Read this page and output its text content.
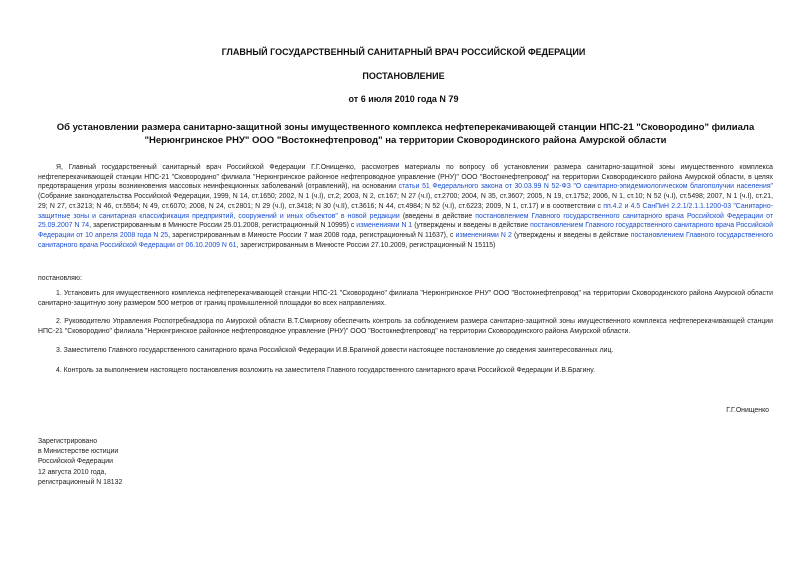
ГЛАВНЫЙ ГОСУДАРСТВЕННЫЙ САНИТАРНЫЙ ВРАЧ РОССИЙСКОЙ ФЕДЕРАЦИИ
ПОСТАНОВЛЕНИЕ
от 6 июля 2010 года N 79
Об установлении размера санитарно-защитной зоны имущественного комплекса нефтеперекачивающей станции НПС-21 "Сковородино" филиала "Нерюнгринское РНУ" ООО "Востокнефтепровод" на территории Сковородинского района Амурской области
Я, Главный государственный санитарный врач Российской Федерации Г.Г.Онищенко, рассмотрев материалы по вопросу об установлении размера санитарно-защитной зоны имущественного комплекса нефтеперекачивающей станции НПС-21 "Сковородино" филиала "Нерюнгринское районное нефтепроводное управление (РНУ)" ООО "Востокнефтепровод" на территории Сковородинского района Амурской области, в целях предотвращения угрозы возникновения массовых неинфекционных заболеваний (отравлений), на основании статьи 51 Федерального закона от 30.03.99 N 52-ФЗ "О санитарно-эпидемиологическом благополучии населения" (Собрание законодательства Российской Федерации, 1999, N 14, ст.1650; 2002, N 1 (ч.I), ст.2; 2003, N 2, ст.167; N 27 (ч.I), ст.2700; 2004, N 35, ст.3607; 2005, N 19, ст.1752; 2006, N 1, ст.10; N 52 (ч.I), ст.5498; 2007, N 1 (ч.I), ст.21, 29; N 27, ст.3213; N 46, ст.5554; N 49, ст.6070; 2008, N 24, ст.2801; N 29 (ч.I), ст.3418; N 30 (ч.II), ст.3616; N 44, ст.4984; N 52 (ч.I), ст.6223; 2009, N 1, ст.17) и в соответствии с пп.4.2 и 4.5 СанПиН 2.2.1/2.1.1.1200-03 "Санитарно-защитные зоны и санитарная классификация предприятий, сооружений и иных объектов" в новой редакции (введены в действие постановлением Главного государственного санитарного врача Российской Федерации от 25.09.2007 N 74, зарегистрированным в Минюсте России 25.01.2008, регистрационный N 10995) с изменениями N 1 (утверждены и введены в действие постановлением Главного государственного санитарного врача Российской Федерации от 10 апреля 2008 года N 25, зарегистрированным в Минюсте России 7 мая 2008 года, регистрационный N 11637), с изменениями N 2 (утверждены и введены в действие постановлением Главного государственного санитарного врача Российской Федерации от 06.10.2009 N 61, зарегистрированным в Минюсте России 27.10.2009, регистрационный N 15115)
постановляю:
1. Установить для имущественного комплекса нефтеперекачивающей станции НПС-21 "Сковородино" филиала "Нерюнгринское РНУ" ООО "Востокнефтепровод" на территории Сковородинского района Амурской области санитарно-защитную зону размером 500 метров от границ промышленной площадки во всех направлениях.
2. Руководителю Управления Роспотребнадзора по Амурской области В.Т.Смирнову обеспечить контроль за соблюдением размера санитарно-защитной зоны имущественного комплекса нефтеперекачивающей станции НПС-21 "Сковородино" филиала "Нерюнгринское районное нефтепроводное управление (РНУ)" ООО "Востокнефтепровод" на территории Сковородинского района Амурской области.
3. Заместителю Главного государственного санитарного врача Российской Федерации И.В.Брагиной довести настоящее постановление до сведения заинтересованных лиц.
4. Контроль за выполнением настоящего постановления возложить на заместителя Главного государственного санитарного врача Российской Федерации И.В.Брагину.
Г.Г.Онищенко
Зарегистрировано
в Министерстве юстиции
Российской Федерации
12 августа 2010 года,
регистрационный N 18132
